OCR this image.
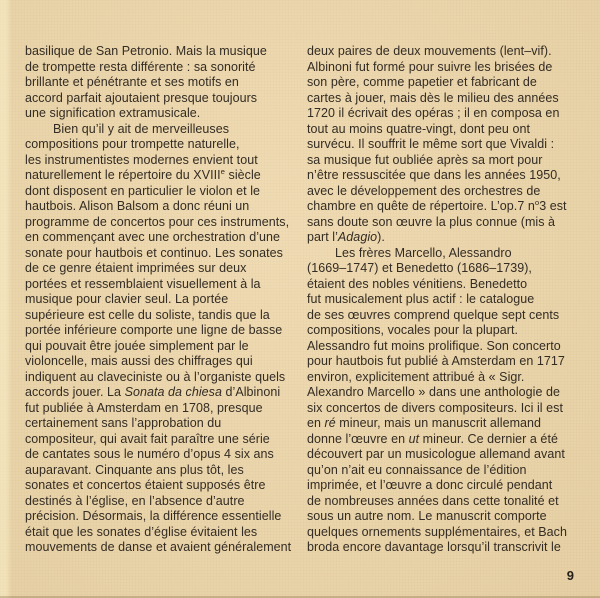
basilique de San Petronio. Mais la musique
de trompette resta différente : sa sonorité
brillante et pénétrante et ses motifs en
accord parfait ajoutaient presque toujours
une signification extramusicale.
Bien qu’il y ait de merveilleuses
compositions pour trompette naturelle,
les instrumentistes modernes envient tout
naturellement le répertoire du XVIIIe siècle
dont disposent en particulier le violon et le
hautbois. Alison Balsom a donc réuni un
programme de concertos pour ces instruments,
en commençant avec une orchestration d’une
sonate pour hautbois et continuo. Les sonates
de ce genre étaient imprimées sur deux
portées et ressemblaient visuellement à la
musique pour clavier seul. La portée
supérieure est celle du soliste, tandis que la
portée inférieure comporte une ligne de basse
qui pouvait être jouée simplement par le
violoncelle, mais aussi des chiffrages qui
indiquent au claveciniste ou à l’organiste quels
accords jouer. La Sonata da chiesa d’Albinoni
fut publiée à Amsterdam en 1708, presque
certainement sans l’approbation du
compositeur, qui avait fait paraître une série
de cantates sous le numéro d’opus 4 six ans
auparavant. Cinquante ans plus tôt, les
sonates et concertos étaient supposés être
destinés à l’église, en l’absence d’autre
précision. Désormais, la différence essentielle
était que les sonates d’église évitaient les
mouvements de danse et avaient généralement
deux paires de deux mouvements (lent–vif).
Albinoni fut formé pour suivre les brisées de
son père, comme papetier et fabricant de
cartes à jouer, mais dès le milieu des années
1720 il écrivait des opéras ; il en composa en
tout au moins quatre-vingt, dont peu ont
survécu. Il souffrit le même sort que Vivaldi :
sa musique fut oubliée après sa mort pour
n’être ressuscitée que dans les années 1950,
avec le développement des orchestres de
chambre en quête de répertoire. L’op.7 $n^o3$ est
sans doute son œuvre la plus connue (mis à
part l’Adagio).
Les frères Marcello, Alessandro
(1669–1747) et Benedetto (1686–1739),
étaient des nobles vénitiens. Benedetto
fut musicalement plus actif : le catalogue
de ses œuvres comprend quelque sept cents
compositions, vocales pour la plupart.
Alessandro fut moins prolifique. Son concerto
pour hautbois fut publié à Amsterdam en 1717
environ, explicitement attribué à « Sigr.
Alexandro Marcello » dans une anthologie de
six concertos de divers compositeurs. Ici il est
en ré mineur, mais un manuscrit allemand
donne l’œuvre en ut mineur. Ce dernier a été
découvert par un musicologue allemand avant
qu’on n’ait eu connaissance de l’édition
imprimée, et l’œuvre a donc circulé pendant
de nombreuses années dans cette tonalité et
sous un autre nom. Le manuscrit comporte
quelques ornements supplémentaires, et Bach
broda encore davantage lorsqu’il transcrivit le
9
